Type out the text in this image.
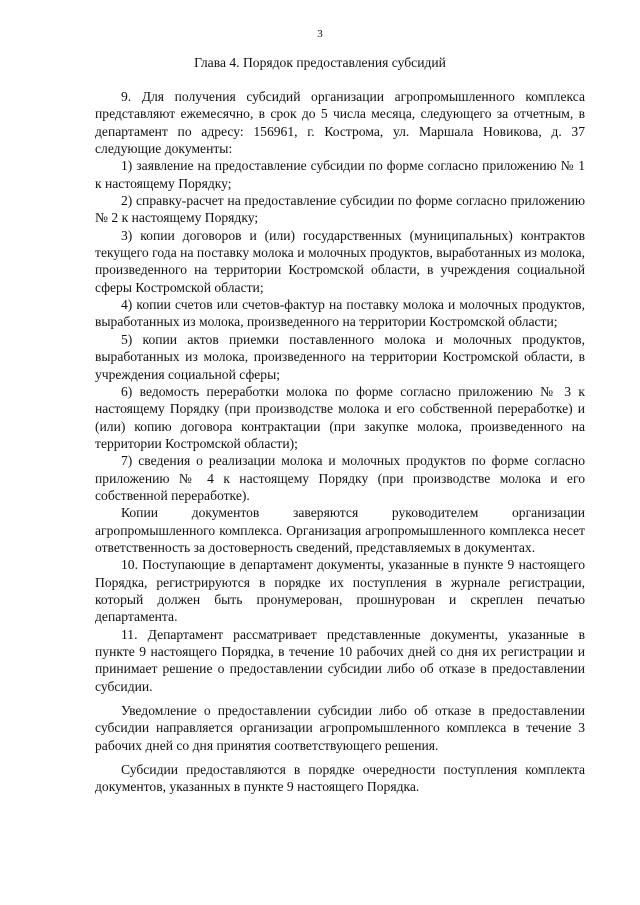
3
Глава 4. Порядок предоставления субсидий

9. Для получения субсидий организации агропромышленного комплекса представляют ежемесячно, в срок до 5 числа месяца, следующего за отчетным, в департамент по адресу: 156961, г. Кострома, ул. Маршала Новикова, д. 37 следующие документы:

1) заявление на предоставление субсидии по форме согласно приложению № 1 к настоящему Порядку;

2) справку-расчет на предоставление субсидии по форме согласно приложению № 2 к настоящему Порядку;

3) копии договоров и (или) государственных (муниципальных) контрактов текущего года на поставку молока и молочных продуктов, выработанных из молока, произведенного на территории Костромской области, в учреждения социальной сферы Костромской области;

4) копии счетов или счетов-фактур на поставку молока и молочных продуктов, выработанных из молока, произведенного на территории Костромской области;

5) копии актов приемки поставленного молока и молочных продуктов, выработанных из молока, произведенного на территории Костромской области, в учреждения социальной сферы;

6) ведомость переработки молока по форме согласно приложению № 3 к настоящему Порядку (при производстве молока и его собственной переработке) и (или) копию договора контрактации (при закупке молока, произведенного на территории Костромской области);

7) сведения о реализации молока и молочных продуктов по форме согласно приложению № 4 к настоящему Порядку (при производстве молока и его собственной переработке).

Копии документов заверяются руководителем организации агропромышленного комплекса. Организация агропромышленного комплекса несет ответственность за достоверность сведений, представляемых в документах.

10. Поступающие в департамент документы, указанные в пункте 9 настоящего Порядка, регистрируются в порядке их поступления в журнале регистрации, который должен быть пронумерован, прошнурован и скреплен печатью департамента.

11. Департамент рассматривает представленные документы, указанные в пункте 9 настоящего Порядка, в течение 10 рабочих дней со дня их регистрации и принимает решение о предоставлении субсидии либо об отказе в предоставлении субсидии.

Уведомление о предоставлении субсидии либо об отказе в предоставлении субсидии направляется организации агропромышленного комплекса в течение 3 рабочих дней со дня принятия соответствующего решения.

Субсидии предоставляются в порядке очередности поступления комплекта документов, указанных в пункте 9 настоящего Порядка.
